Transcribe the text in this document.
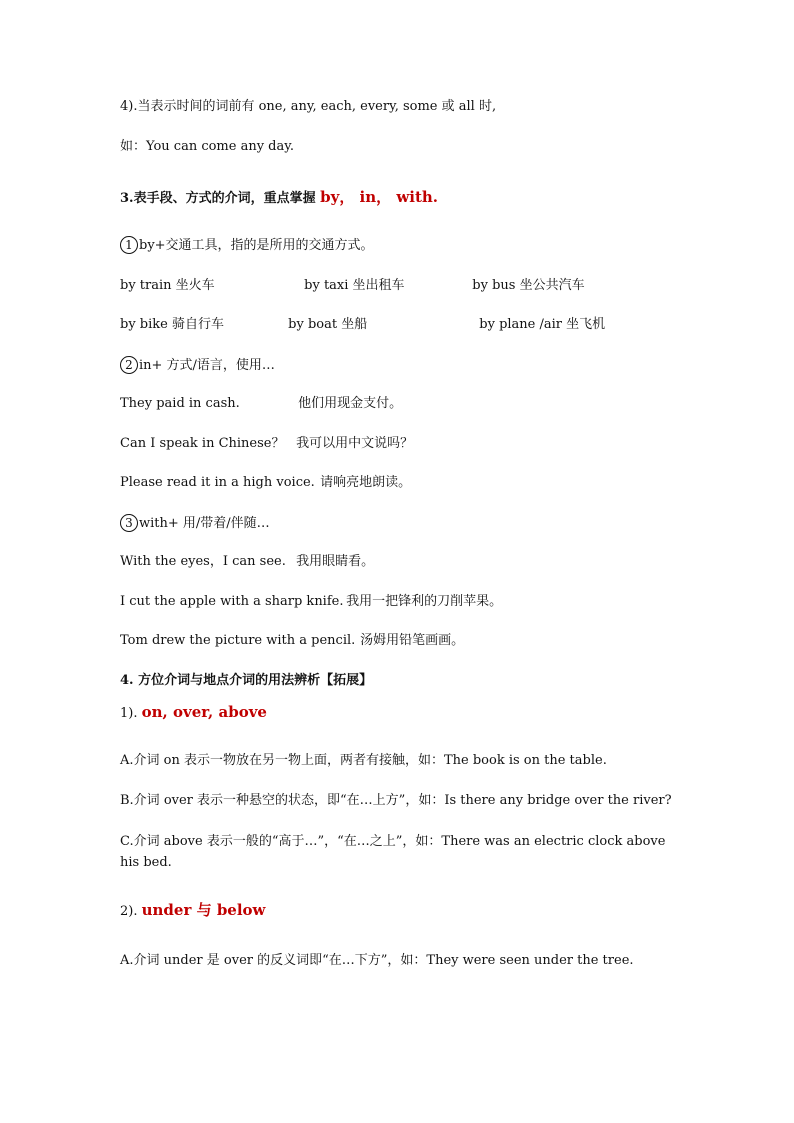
4).当表示时间的词前有 one, any, each, every, some 或 all 时,
如：You can come any day.
3.表手段、方式的介词，重点掌握 by， in， with.
1 by+交通工具，指的是所用的交通方式。
by train 坐火车	by taxi 坐出租车	by bus 坐公共汽车
by bike 骑自行车	by boat 坐船	by plane /air 坐飞机
2 in+ 方式/语言，使用…
They paid in cash.	他们用现金支付。
Can I speak in Chinese？ 我可以用中文说吗？
Please read it in a high voice. 请响亮地朗读。
3 with+ 用/带着/伴随…
With the eyes，I can see. 我用眼睛看。
I cut the apple with a sharp knife. 我用一把锋利的刀削苹果。
Tom drew the picture with a pencil. 汤姆用铅笔画画。
4. 方位介词与地点介词的用法辨析【拓展】
1). on, over, above
A.介词 on 表示一物放在另一物上面，两者有接触，如：The book is on the table.
B.介词 over 表示一种悬空的状态，即“在…上方”，如：Is there any bridge over the river?
C.介词 above 表示一般的“高于…”，“在…之上”，如：There was an electric clock above his bed.
2). under 与 below
A.介词 under 是 over 的反义词即“在…下方”，如：They were seen under the tree.
